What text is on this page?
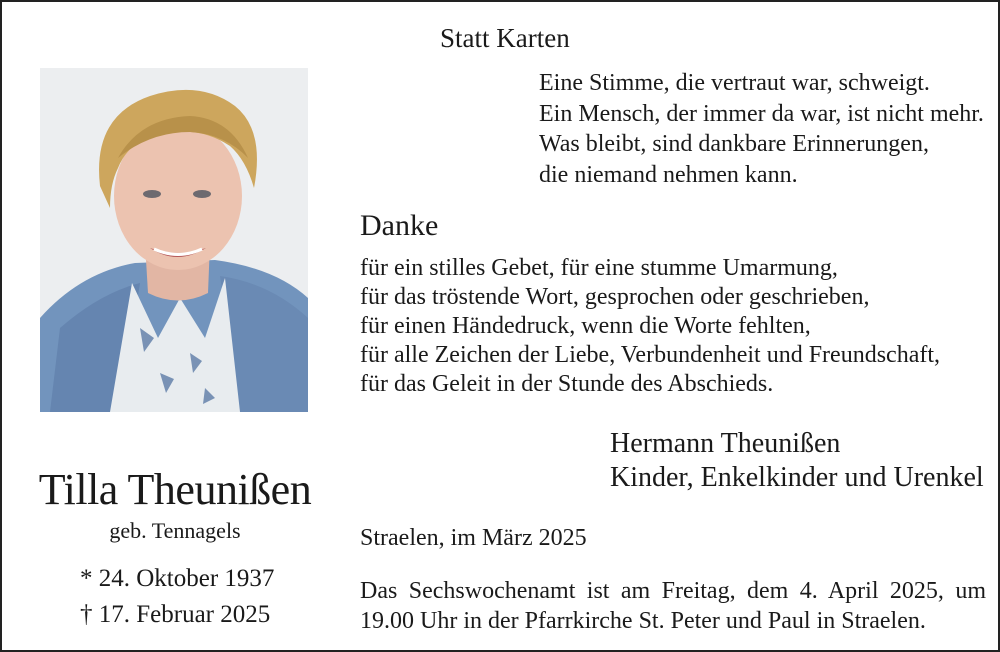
Statt Karten
Eine Stimme, die vertraut war, schweigt.
Ein Mensch, der immer da war, ist nicht mehr.
Was bleibt, sind dankbare Erinnerungen,
die niemand nehmen kann.
Danke
für ein stilles Gebet, für eine stumme Umarmung,
für das tröstende Wort, gesprochen oder geschrieben,
für einen Händedruck, wenn die Worte fehlten,
für alle Zeichen der Liebe, Verbundenheit und Freundschaft,
für das Geleit in der Stunde des Abschieds.
Hermann Theunißen
Kinder, Enkelkinder und Urenkel
Tilla Theunißen
geb. Tennagels
* 24. Oktober 1937
† 17. Februar 2025
Straelen, im März 2025
Das Sechswochenamt ist am Freitag, dem 4. April 2025, um
19.00 Uhr in der Pfarrkirche St. Peter und Paul in Straelen.
